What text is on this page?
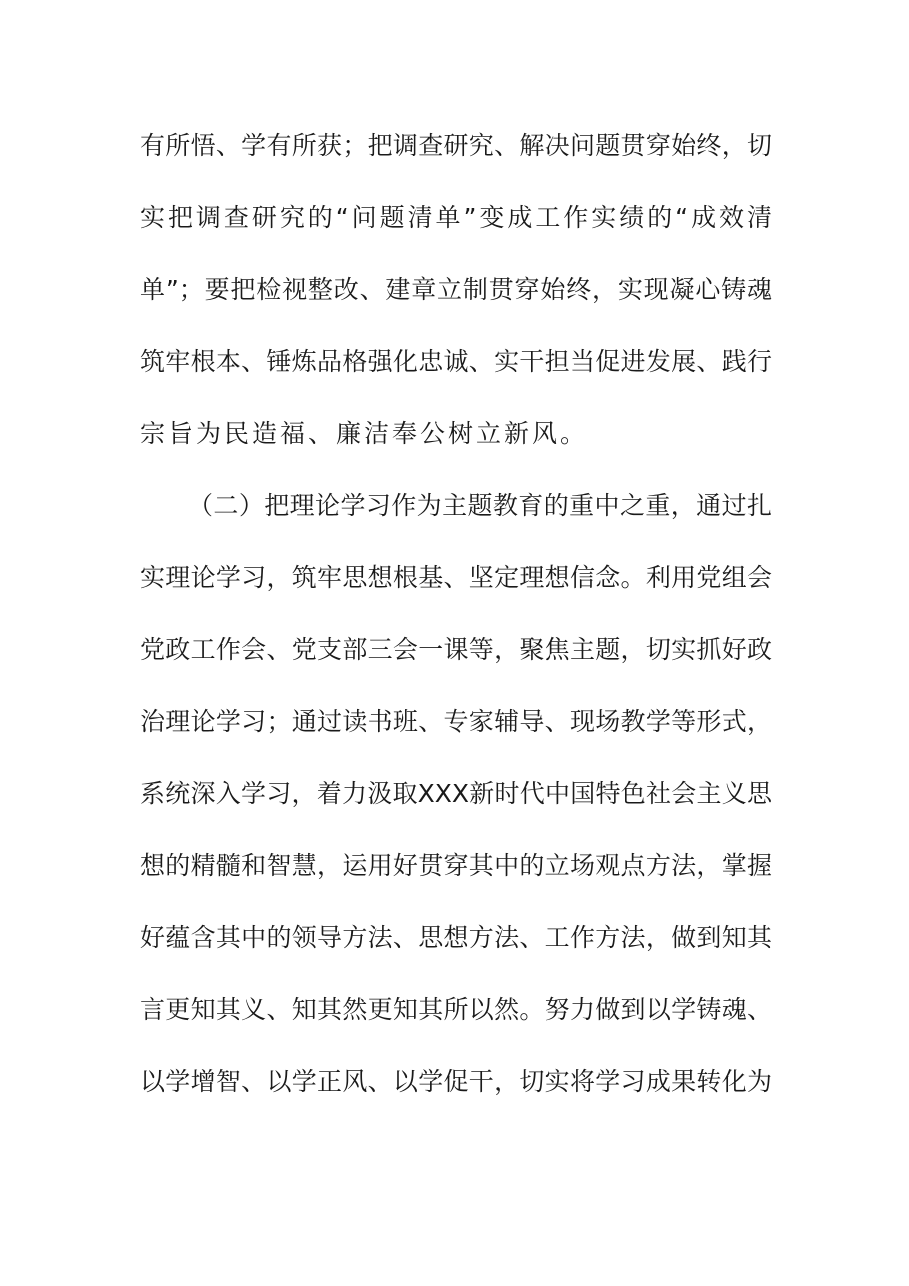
有所悟、学有所获；把调查研究、解决问题贯穿始终，切
实把调查研究的“问题清单”变成工作实绩的“成效清
单”；要把检视整改、建章立制贯穿始终，实现凝心铸魂
筑牢根本、锤炼品格强化忠诚、实干担当促进发展、践行
宗旨为民造福、廉洁奉公树立新风。
（二）把理论学习作为主题教育的重中之重，通过扎
实理论学习，筑牢思想根基、坚定理想信念。利用党组会
党政工作会、党支部三会一课等，聚焦主题，切实抓好政
治理论学习；通过读书班、专家辅导、现场教学等形式，
系统深入学习，着力汲取XXX新时代中国特色社会主义思
想的精髓和智慧，运用好贯穿其中的立场观点方法，掌握
好蕴含其中的领导方法、思想方法、工作方法，做到知其
言更知其义、知其然更知其所以然。努力做到以学铸魂、
以学增智、以学正风、以学促干，切实将学习成果转化为
